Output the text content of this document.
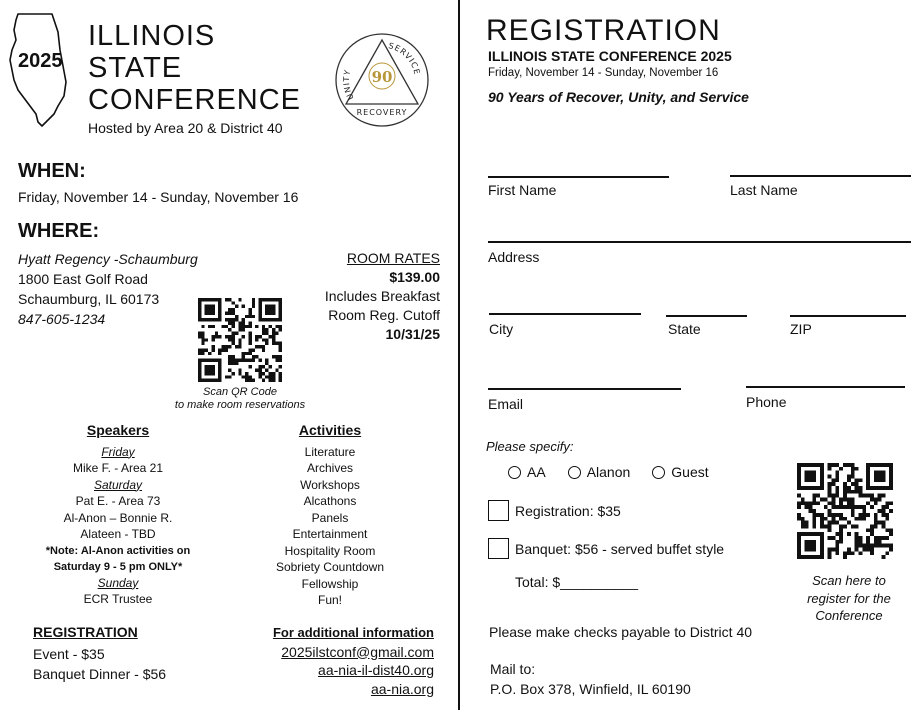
2025
ILLINOIS
STATE
CONFERENCE
Hosted by Area 20 & District 40
UNITY
SERVICE
90
RECOVERY
WHEN:
Friday, November 14 - Sunday, November 16
WHERE:
Hyatt Regency -Schaumburg
1800 East Golf Road
Schaumburg, IL 60173
847-605-1234
ROOM RATES
$139.00
Includes Breakfast
Room Reg. Cutoff
10/31/25
Scan QR Code
to make room reservations
Speakers
Friday
Mike F. - Area 21
Saturday
Pat E. - Area 73
Al-Anon – Bonnie R.
Alateen - TBD
*Note: Al-Anon activities on
Saturday 9 - 5 pm ONLY*
Sunday
ECR Trustee
Activities
Literature
Archives
Workshops
Alcathons
Panels
Entertainment
Hospitality Room
Sobriety Countdown
Fellowship
Fun!
REGISTRATION
Event - $35
Banquet Dinner - $56
For additional information
2025ilstconf@gmail.com
aa-nia-il-dist40.org
aa-nia.org
REGISTRATION
ILLINOIS STATE CONFERENCE 2025
Friday, November 14 - Sunday, November 16
90 Years of Recover, Unity, and Service
First Name	Last Name
Address
City	State	ZIP
Email	Phone
Please specify:
AA	Alanon	Guest
Registration: $35
Banquet: $56 - served buffet style
Total: $__________	Scan here to
register for the
Conference
Please make checks payable to District 40
Mail to:
P.O. Box 378, Winfield, IL 60190
